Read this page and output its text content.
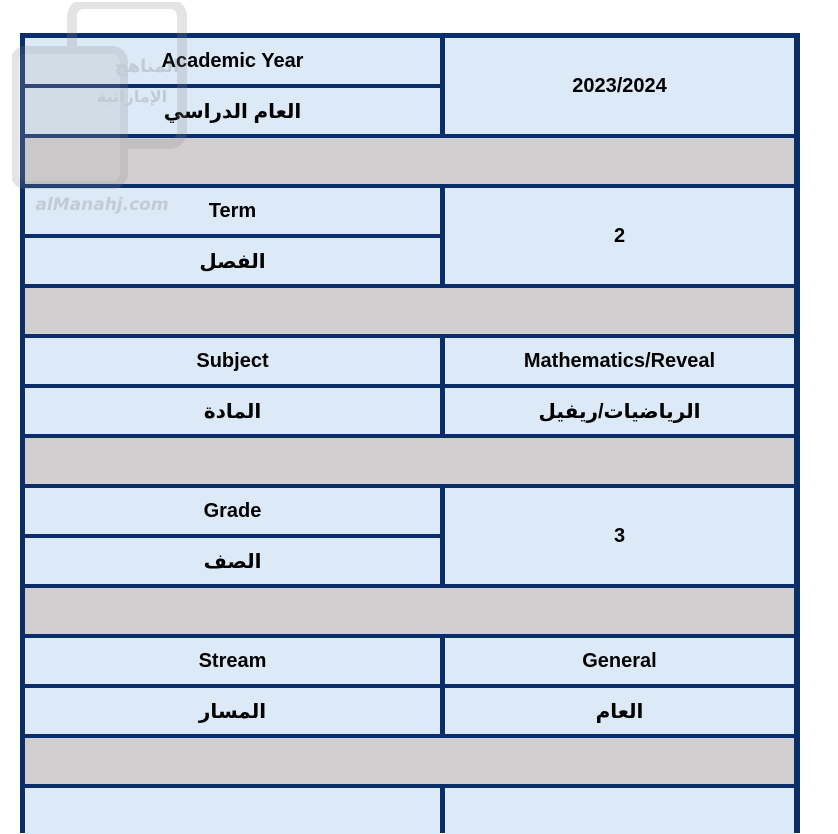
المناهج
الإماراتية
alManahj.com
Academic Year
العام الدراسي
2023/2024
Term
الفصل
2
Subject
المادة
Mathematics/Reveal
الرياضيات/ريفيل
Grade
الصف
3
Stream
المسار
General
العام
